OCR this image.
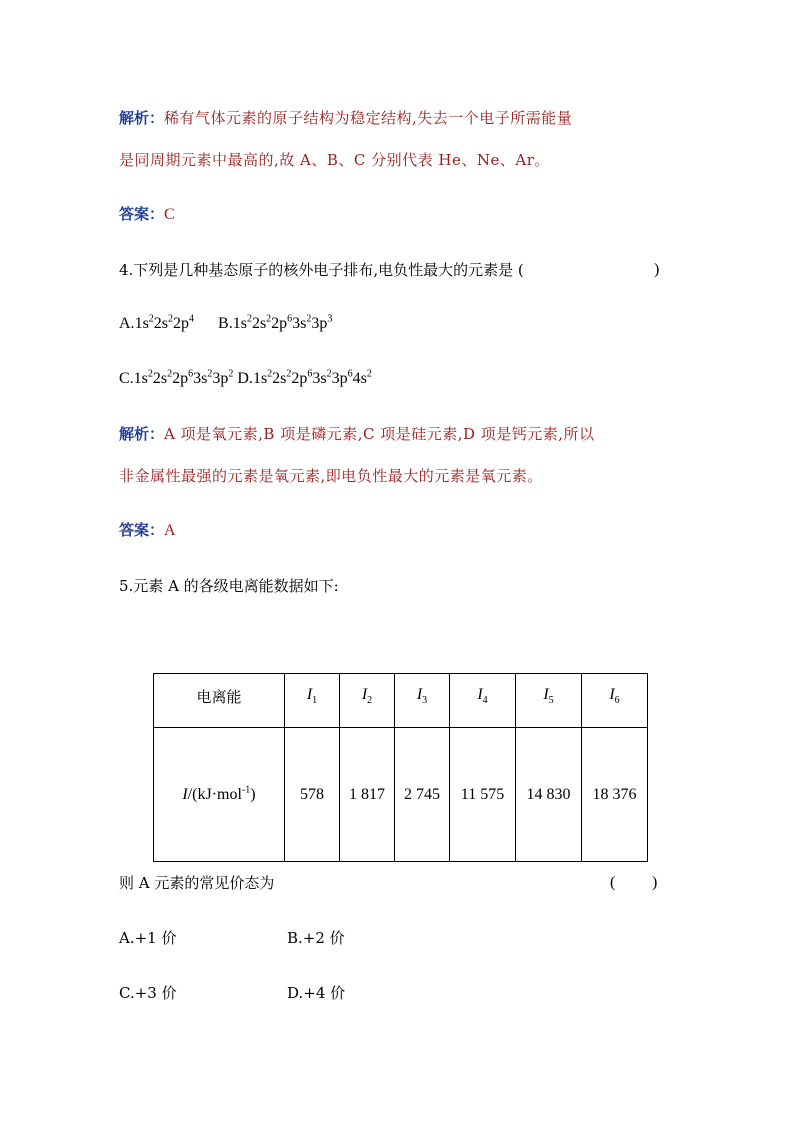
解析：稀有气体元素的原子结构为稳定结构,失去一个电子所需能量
是同周期元素中最高的,故 A、B、C 分别代表 He、Ne、Ar。
答案：C
4.下列是几种基态原子的核外电子排布,电负性最大的元素是 (	)
$A.1s^22s^22p^4$ $B.1s^22s^22p^63s^23p^3$
$C.1s^22s^22p^63s^23p^2$ $D.1s^22s^22p^63s^23p^64s^2$
解析：A 项是氧元素,B 项是磷元素,C 项是硅元素,D 项是钙元素,所以
非金属性最强的元素是氧元素,即电负性最大的元素是氧元素。
答案：A
5.元素 A 的各级电离能数据如下:
电离能	$I_1$	$I_2$	$I_3$	$I_4$	$I_5$	$I_6$
I/(kJ·mol$^{-1}$)	578	1 817	2 745	11 575	14 830	18 376
则 A 元素的常见价态为	( )
A.+1 价	B.+2 价
C.+3 价	D.+4 价
